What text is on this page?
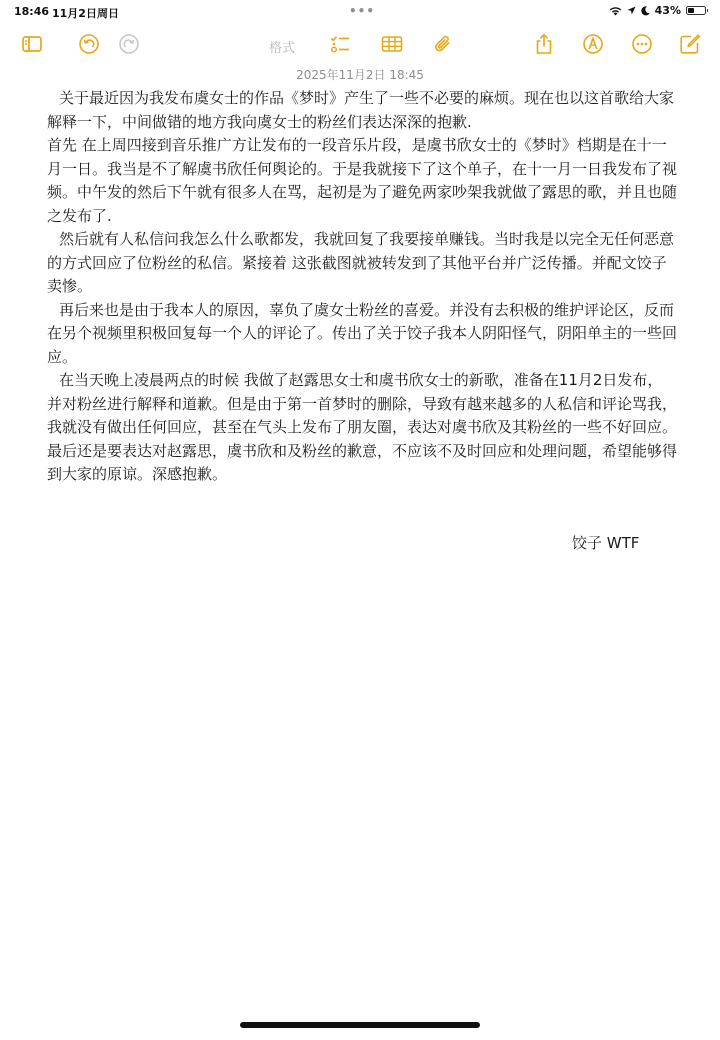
18:46 11月2日周日	•••	43%
格式
2025年11月2日 18:45

关于最近因为我发布虞女士的作品《梦时》产生了一些不必要的麻烦。现在也以这首歌给大家解释一下，中间做错的地方我向虞女士的粉丝们表达深深的抱歉.

首先 在上周四接到音乐推广方让发布的一段音乐片段，是虞书欣女士的《梦时》档期是在十一月一日。我当是不了解虞书欣任何舆论的。于是我就接下了这个单子，在十一月一日我发布了视频。中午发的然后下午就有很多人在骂，起初是为了避免两家吵架我就做了露思的歌，并且也随之发布了.

然后就有人私信问我怎么什么歌都发，我就回复了我要接单赚钱。当时我是以完全无任何恶意的方式回应了位粉丝的私信。紧接着 这张截图就被转发到了其他平台并广泛传播。并配文饺子卖惨。

再后来也是由于我本人的原因，辜负了虞女士粉丝的喜爱。并没有去积极的维护评论区，反而在另个视频里积极回复每一个人的评论了。传出了关于饺子我本人阴阳怪气，阴阳单主的一些回应。

在当天晚上凌晨两点的时候 我做了赵露思女士和虞书欣女士的新歌，准备在11月2日发布，并对粉丝进行解释和道歉。但是由于第一首梦时的删除，导致有越来越多的人私信和评论骂我，我就没有做出任何回应，甚至在气头上发布了朋友圈，表达对虞书欣及其粉丝的一些不好回应。

最后还是要表达对赵露思，虞书欣和及粉丝的歉意，不应该不及时回应和处理问题，希望能够得到大家的原谅。深感抱歉。

饺子 WTF
